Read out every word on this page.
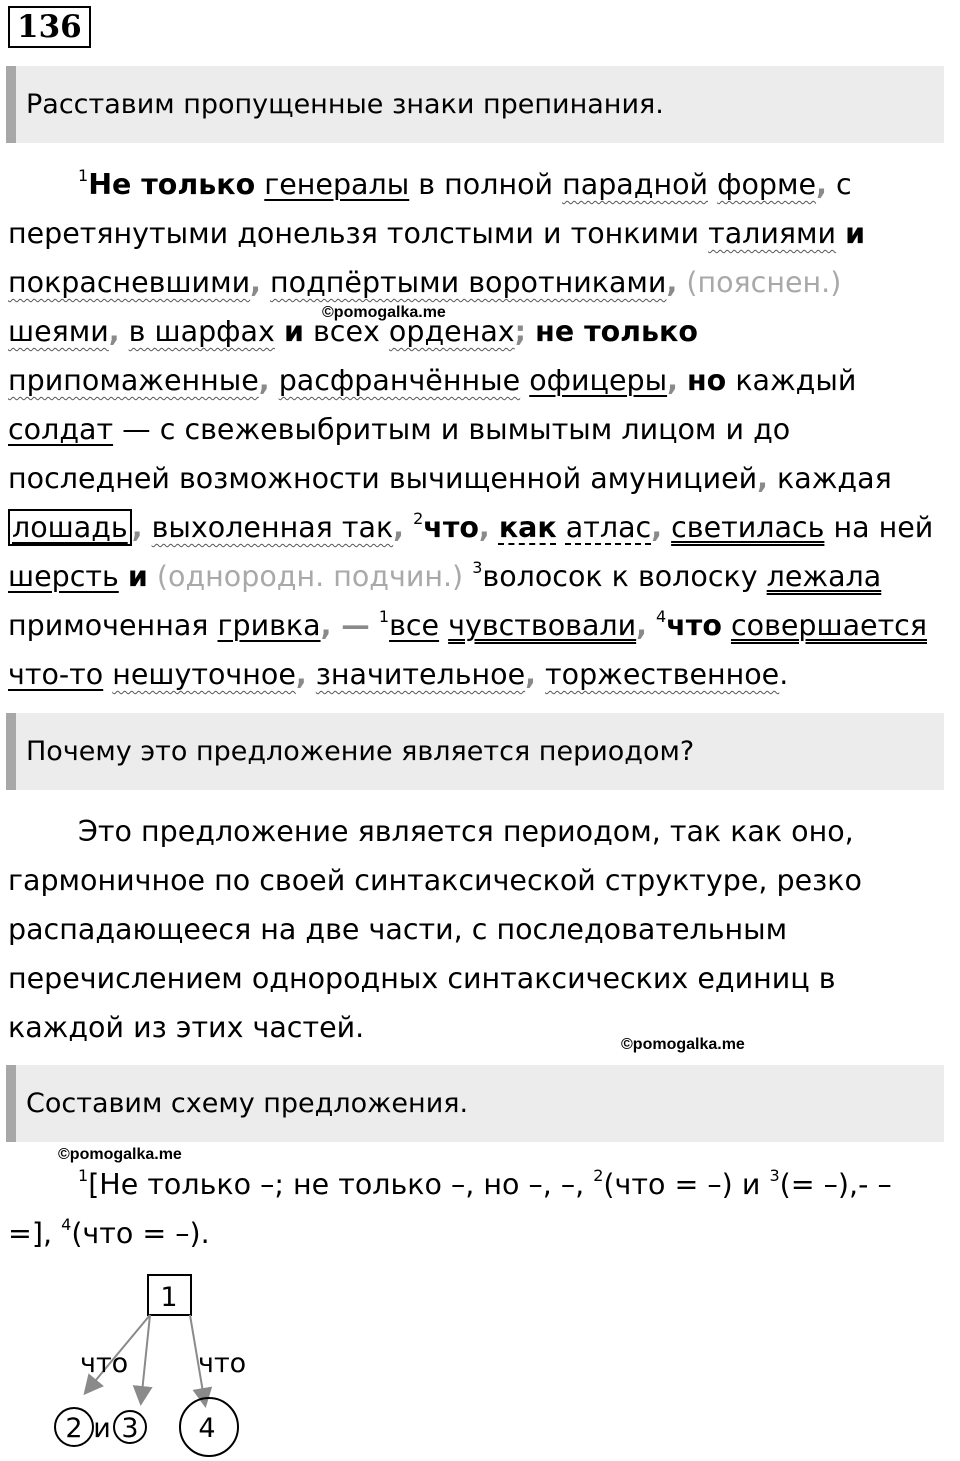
136
Расставим пропущенные знаки препинания.
$^1$Не только генералы в полной парадной форме, с
перетянутыми донельзя толстыми и тонкими талиями и
покрасневшими, подпёртыми воротниками, (пояснен.)
шеями, в шарфах и всех орденах; не только
припомаженные, расфранчённые офицеры, но каждый
солдат — с свежевыбритым и вымытым лицом и до
последней возможности вычищенной амуницией, каждая
лошадь , выхоленная так, $^2$что, как атлас, светилась на ней
шерсть и (однородн. подчин.) $^3$волосок к волоску лежала
примоченная гривка, — $^1$все чувствовали, $^4$что совершается
что-то нешуточное, значительное, торжественное.
©pomogalka.me
Почему это предложение является периодом?
Это предложение является периодом, так как оно,
гармоничное по своей синтаксической структуре, резко
распадающееся на две части, с последовательным
перечислением однородных синтаксических единиц в
каждой из этих частей.
©pomogalka.me
Составим схему предложения.
©pomogalka.me
$^1$[Не только –; не только –, но –, –, $^2$(что = –) и $^3$(= –),- –
=], $^4$(что = –).
1
что	что
2 и 3 4
